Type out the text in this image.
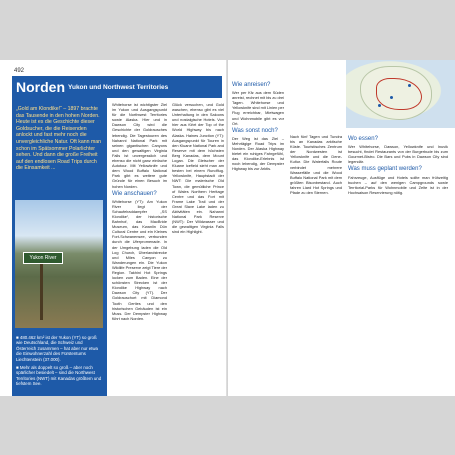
492
Norden Yukon und Northwest Territories
„Gold am Klondike!“ – 1897 brachte das Tausende in den hohen Norden. Heute ist es die Geschichte dieser Goldsucher, die die Reisenden anlockt und fast mehr noch die unvergleichliche Natur. Oft kann man schon im Spätsommer Polarlichter sehen. Und dann die große Freiheit auf den endlosen Road Trips durch die Einsamkeit ...
Yukon River

■ 480.462 km² ist der Yukon (YT) so groß wie Deutschland, die Schweiz und Österreich zusammen – hat aber nur etwa die Einwohnerzahl des Fürstentums Liechtenstein (37.000).

■ Mehr als doppelt so groß – aber noch spärlicher besiedelt – sind die Northwest Territories (NWT) mit Kanadas größtem und tiefstem See.

Whitehorse ist wichtigster Ziel im Yukon und Ausgangspunkt für die Northwest Territories sowie Alaska. Hier und in Dawson City wird die Geschichte der Goldrausches lebendig. Die Tagestouren des Nahanni National Park mit seinen gigantischen Canyons und den gewaltigen Virginia Falls ist unvergesslich und ebenso die nicht ganz einfache Autotour. Mit Yellowknife und dem Wood Buffalo National Park gibt es weitere gute Gründe für einen Besuch im hohen Norden.

Wie anschauen?

Whitehorse (YT): Am Yukon River liegt der Schaufelraddampfer „SS Klondike“, der historische Bahnhof, das MacBride Museum, das Kwanlin Dün Cultural Centre und ein Kleines Fort-Schwanensee, verbunden durch die Uferpromenade. In der Umgebung laden die Old Log Church, Überlandstrecke und Miles Canyon zu Wanderungen ein. Die Yukon Wildlife Preserve zeigt Tiere der Region. Takhini Hot Springs locken zum Baden. Eine der schönsten Strecken ist der Klondike Highway nach Dawson City (YT). Der Goldrauschort mit Diamond Tooth Gerties und den historischen Gebäuden ist ein Muss. Der Dempster Highway führt nach Norden.

Glück versuchen, und Gold waschen, ebenso gibt es viel Unterhaltung in den Saloons und nostalgische Hotels. Von hier aus führt der Top of the World Highway bis nach Alaska. Haines Junction (YT): Ausgangspunkt für Touren in den Kluane National Park and Reserve mit dem höchsten Berg Kanadas, dem Mount Logan. Die Gletscher der Kluane Icefield sieht man am besten bei einem Rundflug. Yellowknife, Hauptstadt der NWT: Die malerische Old Town, die gemütliche Prince of Wales Northern Heritage Centre und das Fort mit Frame Lake Trail und der Great Slave Lake laden zu Aktivitäten ein. Nahanni National Park Reserve (NWT): Der Wildwasser und die gewaltigen Virginia Falls sind ein Highlight.

Wie anreisen?

Wer per Kfz aus dem Süden anreist, rechnet mit bis zu drei Tagen. Whitehorse und Yellowknife sind mit Linien per Flug erreichbar, Mietwagen und Wohnmobile gibt es vor Ort.

Was sonst noch?

Der Weg ist das Ziel – Mehrtägige Road Trips im Norden. Der Alaska Highway bietet ein ruhiges Fahrgefühl, das Klondike-Erlebnis ist noch lebendig, der Dempster Highway bis zur Arktis.

Nach fünf Tagen und Tundra bis an Kanadas arktische Küste. Touristisches Zentrum der Nordwesten ist Yellowknife und die Dene-Kultur. Die Waterfalls Route verbindet mehrere Wasserfälle und die Wood Buffalo National Park mit dem größten Bisonbestand. Auch fahren Liard Hot Springs und Pfade zu den Sternen.

Wo essen?

Wer Whitehorse, Dawson, Yellowknife und Inuvik besucht, findet Restaurants von der Burgerbude bis zum Gourmet-Bistro. Die Bars und Pubs in Dawson City sind legendär.

Was muss geplant werden?

Fahrzeuge, Ausflüge und Hotels sollte man frühzeitig buchen – auf den wenigen Campgrounds sowie Territorial-Parks für Wohnmobile und Zelte ist in der Hochsaison Reservierung nötig.
